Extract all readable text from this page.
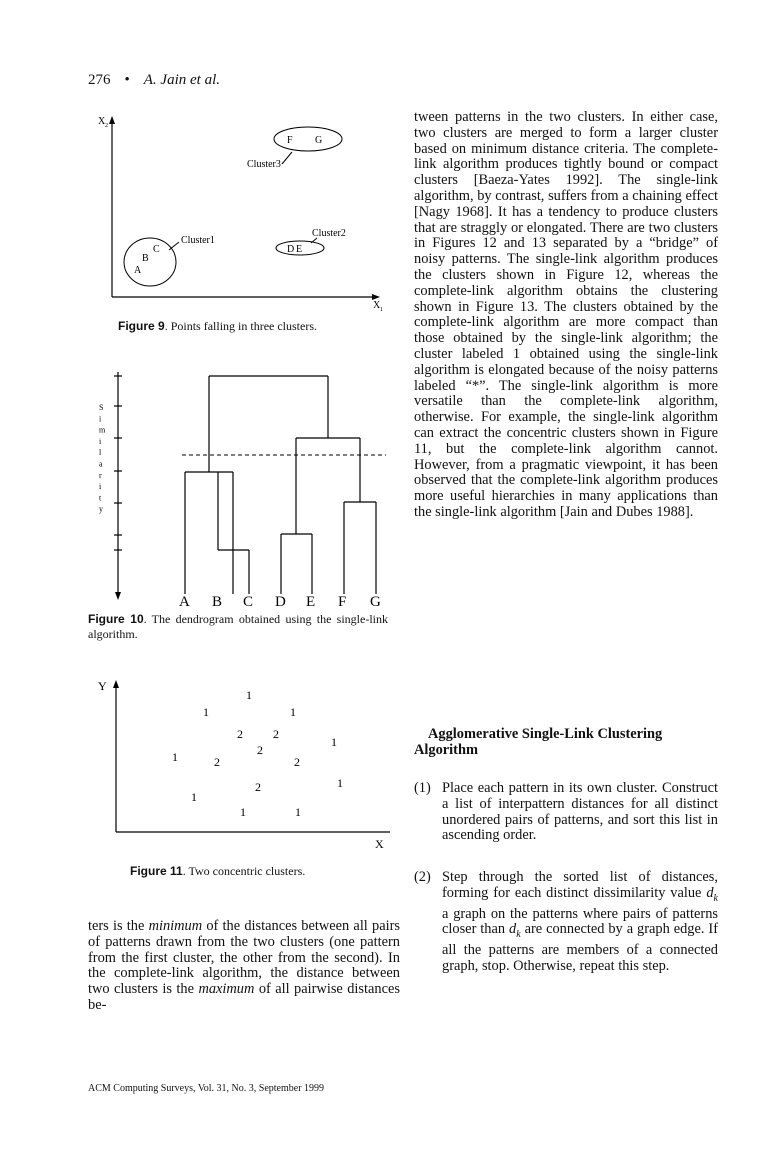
276 • A. Jain et al.
X 2
X 1
A
B
C
Cluster1
D E
Cluster2
F G
Cluster3
Figure 9. Points falling in three clusters.
S
i
m
i
l
a
r
i
t
y
A B C D E F G
Figure 10. The dendrogram obtained using the single-link algorithm.
Y
X
1
1	1
2	2
1
2
1	2	2
1
2
1
1	1
Figure 11. Two concentric clusters.

ters is the minimum of the distances between all pairs of patterns drawn from the two clusters (one pattern from the first cluster, the other from the second). In the complete-link algorithm, the distance between two clusters is the maximum of all pairwise distances be-

tween patterns in the two clusters. In either case, two clusters are merged to form a larger cluster based on minimum distance criteria. The complete-link algorithm produces tightly bound or compact clusters [Baeza-Yates 1992]. The single-link algorithm, by contrast, suffers from a chaining effect [Nagy 1968]. It has a tendency to produce clusters that are straggly or elongated. There are two clusters in Figures 12 and 13 separated by a “bridge” of noisy patterns. The single-link algorithm produces the clusters shown in Figure 12, whereas the complete-link algorithm obtains the clustering shown in Figure 13. The clusters obtained by the complete-link algorithm are more compact than those obtained by the single-link algorithm; the cluster labeled 1 obtained using the single-link algorithm is elongated because of the noisy patterns labeled “*”. The single-link algorithm is more versatile than the complete-link algorithm, otherwise. For example, the single-link algorithm can extract the concentric clusters shown in Figure 11, but the complete-link algorithm cannot. However, from a pragmatic viewpoint, it has been observed that the complete-link algorithm produces more useful hierarchies in many applications than the single-link algorithm [Jain and Dubes 1988].

Agglomerative Single-Link Clustering Algorithm
(1) Place each pattern in its own cluster. Construct a list of interpattern distances for all distinct unordered pairs of patterns, and sort this list in ascending order.
(2) Step through the sorted list of distances, forming for each distinct dissimilarity value $d_k$ a graph on the patterns where pairs of patterns closer than $d_k$ are connected by a graph edge. If all the patterns are members of a connected graph, stop. Otherwise, repeat this step.
ACM Computing Surveys, Vol. 31, No. 3, September 1999
